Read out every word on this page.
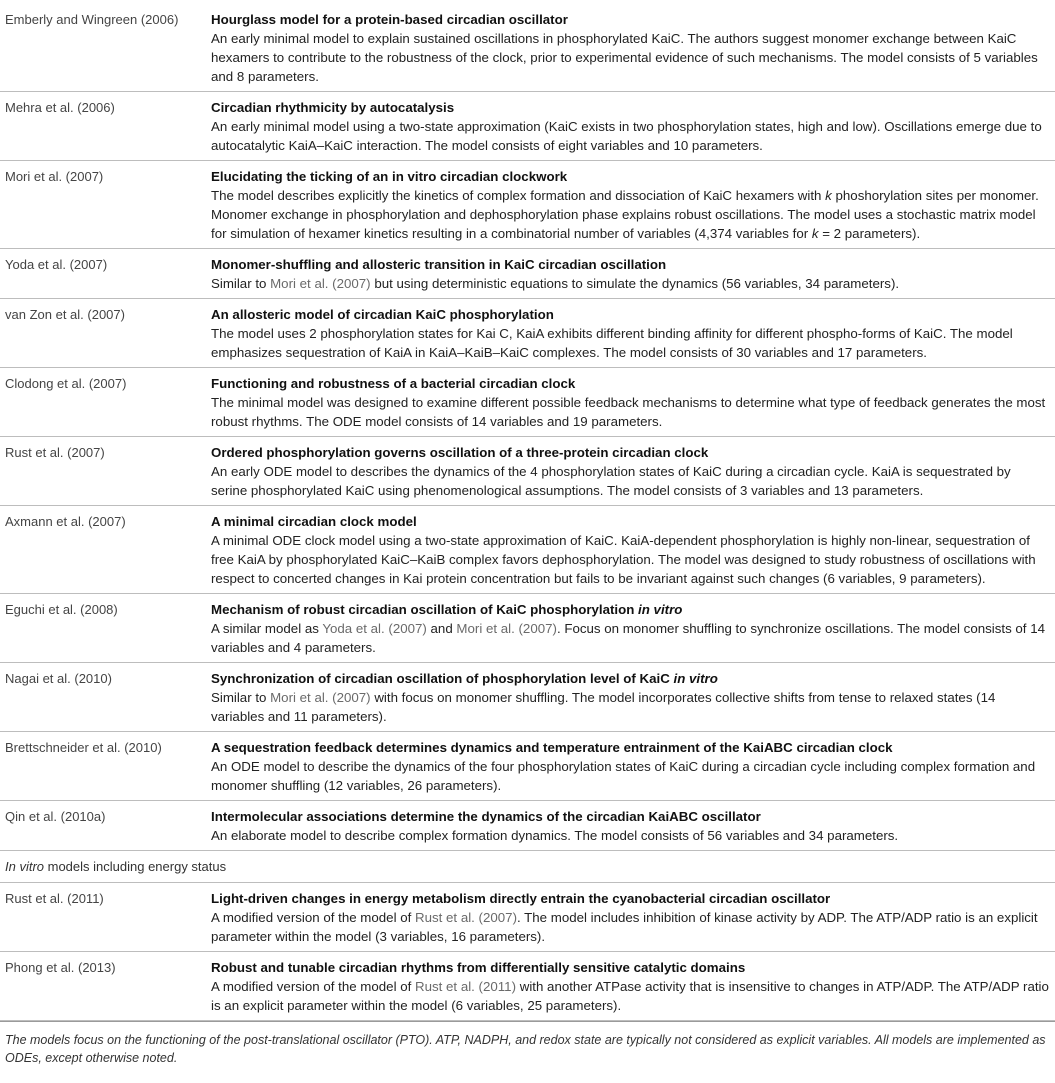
Emberly and Wingreen (2006)	Hourglass model for a protein-based circadian oscillator
An early minimal model to explain sustained oscillations in phosphorylated KaiC. The authors suggest monomer exchange between KaiC hexamers to contribute to the robustness of the clock, prior to experimental evidence of such mechanisms. The model consists of 5 variables and 8 parameters.

Mehra et al. (2006)	Circadian rhythmicity by autocatalysis
An early minimal model using a two-state approximation (KaiC exists in two phosphorylation states, high and low). Oscillations emerge due to autocatalytic KaiA–KaiC interaction. The model consists of eight variables and 10 parameters.

Mori et al. (2007)	Elucidating the ticking of an in vitro circadian clockwork
The model describes explicitly the kinetics of complex formation and dissociation of KaiC hexamers with k phoshorylation sites per monomer. Monomer exchange in phosphorylation and dephosphorylation phase explains robust oscillations. The model uses a stochastic matrix model for simulation of hexamer kinetics resulting in a combinatorial number of variables (4,374 variables for k = 2 parameters).

Yoda et al. (2007)	Monomer-shuffling and allosteric transition in KaiC circadian oscillation
Similar to Mori et al. (2007) but using deterministic equations to simulate the dynamics (56 variables, 34 parameters).

van Zon et al. (2007)	An allosteric model of circadian KaiC phosphorylation
The model uses 2 phosphorylation states for Kai C, KaiA exhibits different binding affinity for different phospho-forms of KaiC. The model emphasizes sequestration of KaiA in KaiA–KaiB–KaiC complexes. The model consists of 30 variables and 17 parameters.

Clodong et al. (2007)	Functioning and robustness of a bacterial circadian clock
The minimal model was designed to examine different possible feedback mechanisms to determine what type of feedback generates the most robust rhythms. The ODE model consists of 14 variables and 19 parameters.

Rust et al. (2007)	Ordered phosphorylation governs oscillation of a three-protein circadian clock
An early ODE model to describes the dynamics of the 4 phosphorylation states of KaiC during a circadian cycle. KaiA is sequestrated by serine phosphorylated KaiC using phenomenological assumptions. The model consists of 3 variables and 13 parameters.

Axmann et al. (2007)	A minimal circadian clock model
A minimal ODE clock model using a two-state approximation of KaiC. KaiA-dependent phosphorylation is highly non-linear, sequestration of free KaiA by phosphorylated KaiC–KaiB complex favors dephosphorylation. The model was designed to study robustness of oscillations with respect to concerted changes in Kai protein concentration but fails to be invariant against such changes (6 variables, 9 parameters).

Eguchi et al. (2008)	Mechanism of robust circadian oscillation of KaiC phosphorylation in vitro
A similar model as Yoda et al. (2007) and Mori et al. (2007). Focus on monomer shuffling to synchronize oscillations. The model consists of 14 variables and 4 parameters.

Nagai et al. (2010)	Synchronization of circadian oscillation of phosphorylation level of KaiC in vitro
Similar to Mori et al. (2007) with focus on monomer shuffling. The model incorporates collective shifts from tense to relaxed states (14 variables and 11 parameters).

Brettschneider et al. (2010)	A sequestration feedback determines dynamics and temperature entrainment of the KaiABC circadian clock
An ODE model to describe the dynamics of the four phosphorylation states of KaiC during a circadian cycle including complex formation and monomer shuffling (12 variables, 26 parameters).

Qin et al. (2010a)	Intermolecular associations determine the dynamics of the circadian KaiABC oscillator
An elaborate model to describe complex formation dynamics. The model consists of 56 variables and 34 parameters.

In vitro models including energy status	
Rust et al. (2011)	Light-driven changes in energy metabolism directly entrain the cyanobacterial circadian oscillator
A modified version of the model of Rust et al. (2007). The model includes inhibition of kinase activity by ADP. The ATP/ADP ratio is an explicit parameter within the model (3 variables, 16 parameters).

Phong et al. (2013)	Robust and tunable circadian rhythms from differentially sensitive catalytic domains
A modified version of the model of Rust et al. (2011) with another ATPase activity that is insensitive to changes in ATP/ADP. The ATP/ADP ratio is an explicit parameter within the model (6 variables, 25 parameters).
The models focus on the functioning of the post-translational oscillator (PTO). ATP, NADPH, and redox state are typically not considered as explicit variables. All models are implemented as ODEs, except otherwise noted.
